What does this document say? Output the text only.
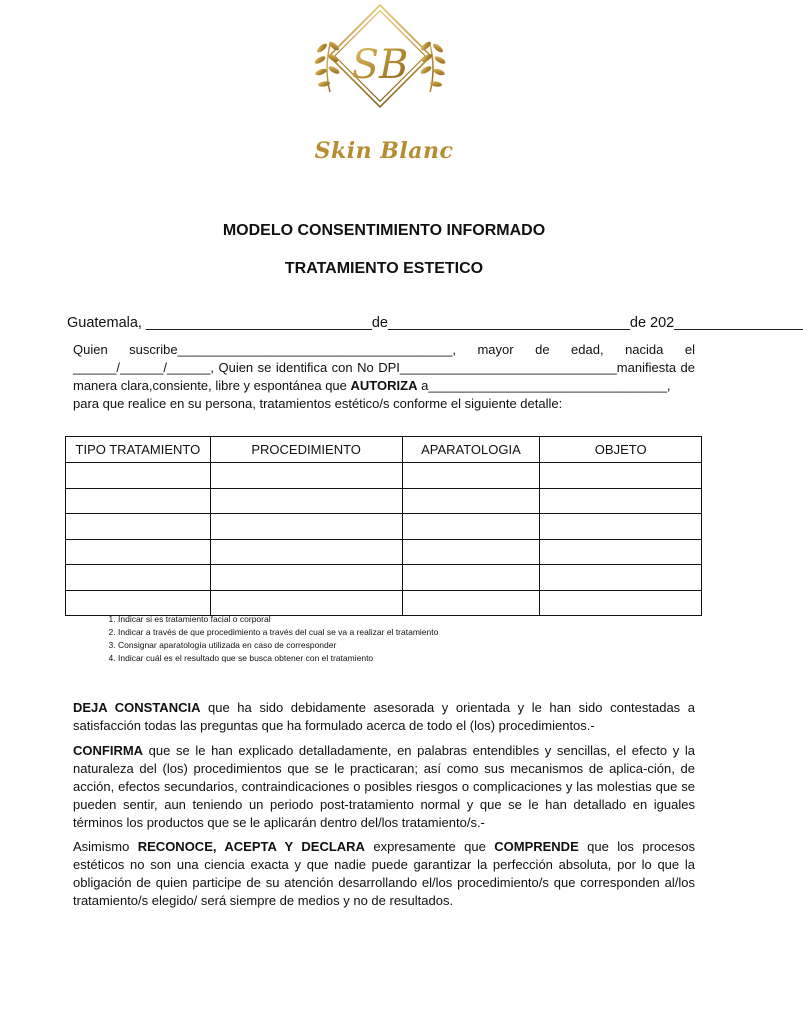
SB
Skin Blanc
MODELO CONSENTIMIENTO INFORMADO
TRATAMIENTO ESTETICO
Guatemala, ____________________________de______________________________de 202________________
Quien suscribe______________________________________, mayor de edad, nacida el ______/______/______, Quien se identifica con No DPI______________________________manifiesta de manera clara,consiente, libre y espontánea que AUTORIZA a_________________________________,
para que realice en su persona, tratamientos estético/s conforme el siguiente detalle:
TIPO TRATAMIENTO	PROCEDIMIENTO	APARATOLOGIA	OBJETO

1. Indicar si es tratamiento facial o corporal
2. Indicar a través de que procedimiento a través del cual se va a realizar el tratamiento
3. Consignar aparatología utilizada en caso de corresponder
4. Indicar cuál es el resultado que se busca obtener con el tratamiento

DEJA CONSTANCIA que ha sido debidamente asesorada y orientada y le han sido contestadas a satisfacción todas las preguntas que ha formulado acerca de todo el (los) procedimientos.-

CONFIRMA que se le han explicado detalladamente, en palabras entendibles y sencillas, el efecto y la naturaleza del (los) procedimientos que se le practicaran; así como sus mecanismos de aplica-ción, de acción, efectos secundarios, contraindicaciones o posibles riesgos o complicaciones y las molestias que se pueden sentir, aun teniendo un periodo post-tratamiento normal y que se le han detallado en iguales términos los productos que se le aplicarán dentro del/los tratamiento/s.-

Asimismo RECONOCE, ACEPTA Y DECLARA expresamente que COMPRENDE que los procesos estéticos no son una ciencia exacta y que nadie puede garantizar la perfección absoluta, por lo que la obligación de quien participe de su atención desarrollando el/los procedimiento/s que corresponden al/los tratamiento/s elegido/ será siempre de medios y no de resultados.
